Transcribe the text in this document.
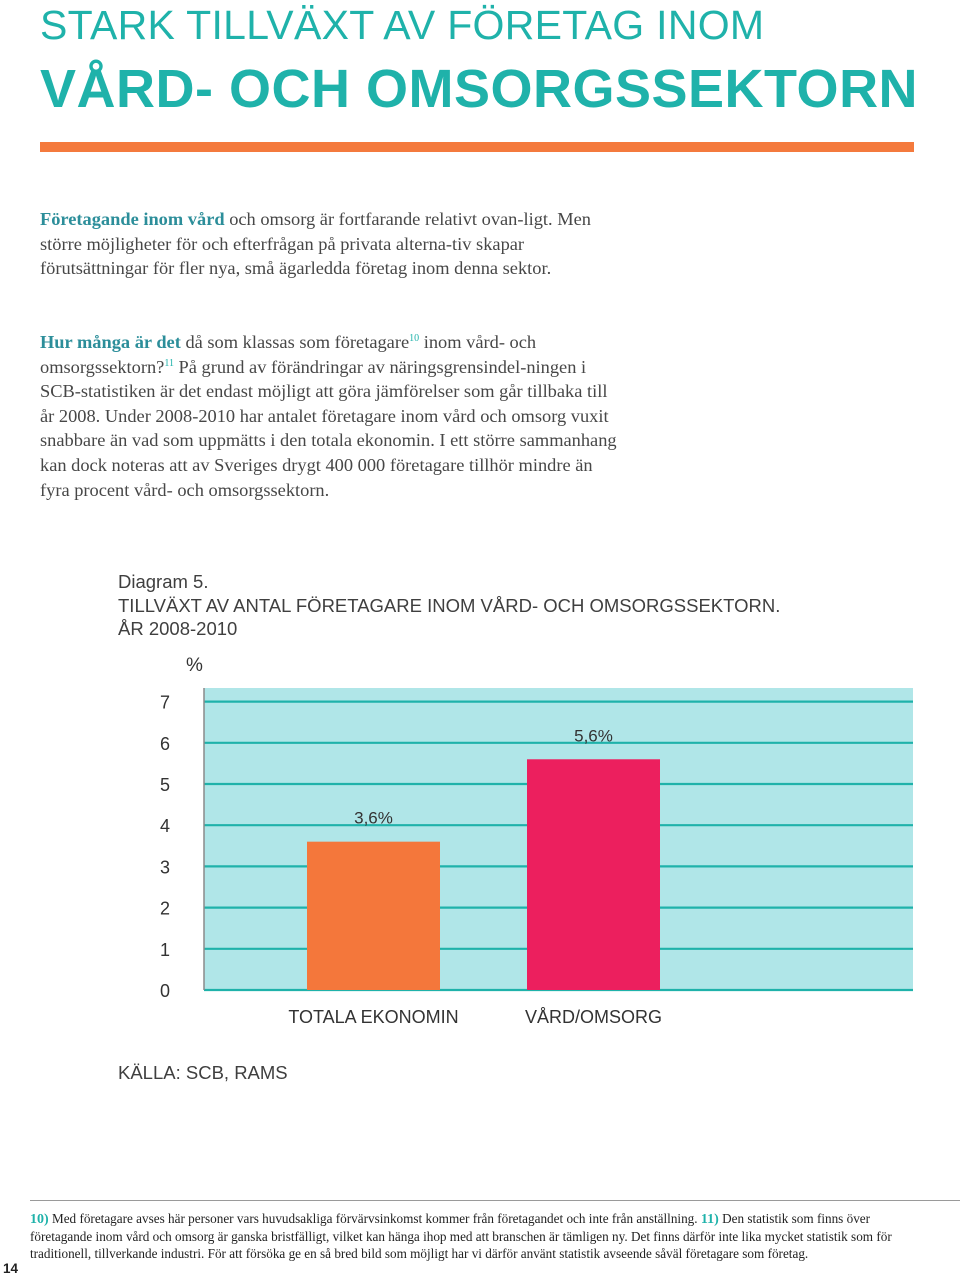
STARK TILLVÄXT AV FÖRETAG INOM
VÅRD- OCH OMSORGSSEKTORN

Företagande inom vård och omsorg är fortfarande relativt ovan-ligt. Men större möjligheter för och efterfrågan på privata alterna-tiv skapar förutsättningar för fler nya, små ägarledda företag inom denna sektor.

Hur många är det då som klassas som företagare$^{10}$ inom vård- och omsorgssektorn?$^{11}$ På grund av förändringar av näringsgrensindel-ningen i SCB-statistiken är det endast möjligt att göra jämförelser som går tillbaka till år 2008. Under 2008-2010 har antalet företagare inom vård och omsorg vuxit snabbare än vad som uppmätts i den totala ekonomin. I ett större sammanhang kan dock noteras att av Sveriges drygt 400 000 företagare tillhör mindre än fyra procent vård- och omsorgssektorn.

Diagram 5.
TILLVÄXT AV ANTAL FÖRETAGARE INOM VÅRD- OCH OMSORGSSEKTORN.
ÅR 2008-2010
%
0
1
2
3
4
5
6
7
3,6%
TOTALA EKONOMIN
5,6%
VÅRD/OMSORG
KÄLLA: SCB, RAMS

10) Med företagare avses här personer vars huvudsakliga förvärvsinkomst kommer från företagandet och inte från anställning. 11) Den statistik som finns över företagande inom vård och omsorg är ganska bristfälligt, vilket kan hänga ihop med att branschen är tämligen ny. Det finns därför inte lika mycket statistik som för traditionell, tillverkande industri. För att försöka ge en så bred bild som möjligt har vi därför använt statistik avseende såväl företagare som företag.

14
